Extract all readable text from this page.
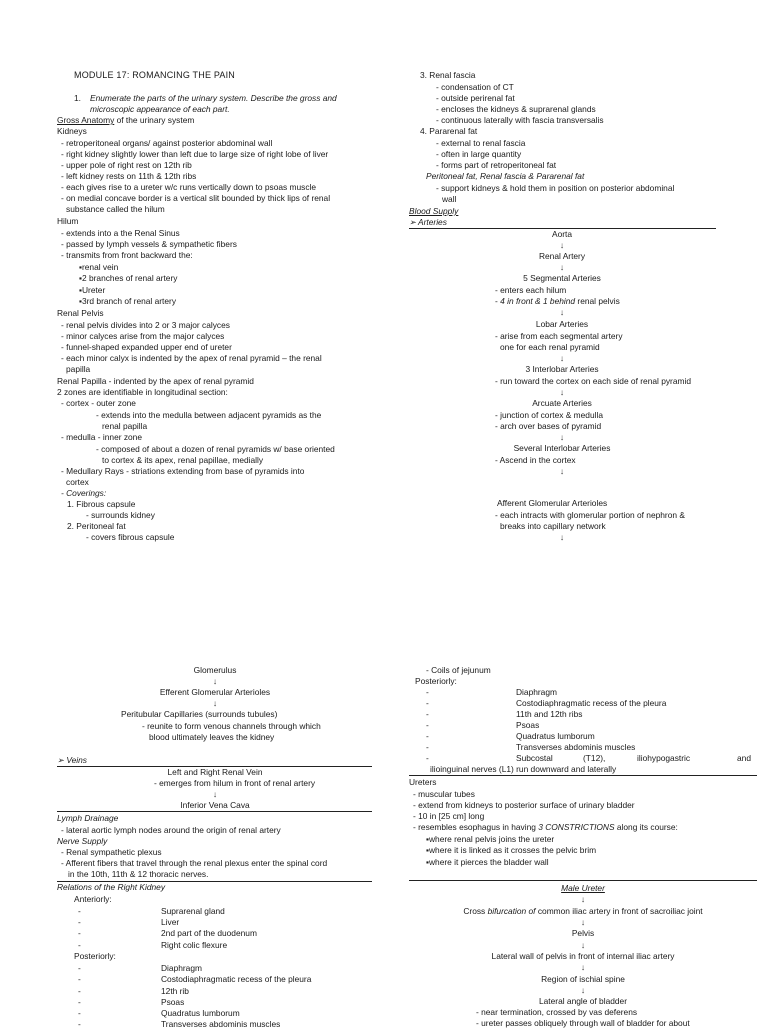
MODULE 17: ROMANCING THE PAIN
1. Enumerate the parts of the urinary system. Describe the gross and microscopic appearance of each part.
Gross Anatomy of the urinary system
Kidneys
- retroperitoneal organs/ against posterior abdominal wall
- right kidney slightly lower than left due to large size of right lobe of liver
- upper pole of right rest on 12th rib
- left kidney rests on 11th & 12th ribs
- each gives rise to a ureter w/c runs vertically down to psoas muscle
- on medial concave border is a vertical slit bounded by thick lips of renal
substance called the hilum
Hilum
- extends into a the Renal Sinus
- passed by lymph vessels & sympathetic fibers
- transmits from front backward the:
▪renal vein
▪2 branches of renal artery
▪Ureter
▪3rd branch of renal artery
Renal Pelvis
- renal pelvis divides into 2 or 3 major calyces
- minor calyces arise from the major calyces
- funnel-shaped expanded upper end of ureter
- each minor calyx is indented by the apex of renal pyramid – the renal
papilla
Renal Papilla - indented by the apex of renal pyramid
2 zones are identifiable in longitudinal section:
- cortex - outer zone
- extends into the medulla between adjacent pyramids as the
renal papilla
- medulla - inner zone
- composed of about a dozen of renal pyramids w/ base oriented
to cortex & its apex, renal papillae, medially
- Medullary Rays - striations extending from base of pyramids into
cortex
- Coverings:
1. Fibrous capsule
- surrounds kidney
2. Peritoneal fat
- covers fibrous capsule
3. Renal fascia
- condensation of CT
- outside perirenal fat
- encloses the kidneys & suprarenal glands
- continuous laterally with fascia transversalis
4. Pararenal fat
- external to renal fascia
- often in large quantity
- forms part of retroperitoneal fat
Peritoneal fat, Renal fascia & Pararenal fat
- support kidneys & hold them in position on posterior abdominal
wall
Blood Supply
➢ Arteries
Aorta
↓
Renal Artery
↓
5 Segmental Arteries
- enters each hilum
- 4 in front & 1 behind renal pelvis
↓
Lobar Arteries
- arise from each segmental artery
one for each renal pyramid
↓
3 Interlobar Arteries
- run toward the cortex on each side of renal pyramid
↓
Arcuate Arteries
- junction of cortex & medulla
- arch over bases of pyramid
↓
Several Interlobar Arteries
- Ascend in the cortex
↓
Afferent Glomerular Arterioles
- each intracts with glomerular portion of nephron &
breaks into capillary network
↓
Glomerulus
↓
Efferent Glomerular Arterioles
↓
Peritubular Capillaries (surrounds tubules)
- reunite to form venous channels through which
blood ultimately leaves the kidney
➢ Veins
Left and Right Renal Vein
- emerges from hilum in front of renal artery
↓
Inferior Vena Cava
Lymph Drainage
- lateral aortic lymph nodes around the origin of renal artery
Nerve Supply
- Renal sympathetic plexus
- Afferent fibers that travel through the renal plexus enter the spinal cord
in the 10th, 11th & 12 thoracic nerves.
Relations of the Right Kidney
Anteriorly:
-	Suprarenal gland
-	Liver
-	2nd part of the duodenum
-	Right colic flexure
Posteriorly:
-	Diaphragm
-	Costodiaphragmatic recess of the pleura
-	12th rib
-	Psoas
-	Quadratus lumborum
-	Transverses abdominis muscles
- Coils of jejunum
Posteriorly:
-	Diaphragm
-	Costodiaphragmatic recess of the pleura
-	11th and 12th ribs
-	Psoas
-	Quadratus lumborum
-	Transverses abdominis muscles
-	Subcostal	(T12),	iliohypogastric	and
ilioinguinal nerves (L1) run downward and laterally
Ureters
- muscular tubes
- extend from kidneys to posterior surface of urinary bladder
- 10 in [25 cm] long
- resembles esophagus in having 3 CONSTRICTIONS along its course:
▪where renal pelvis joins the ureter
▪where it is linked as it crosses the pelvic brim
▪where it pierces the bladder wall
Male Ureter
↓
Cross bifurcation of common iliac artery in front of sacroiliac joint
↓
Pelvis
↓
Lateral wall of pelvis in front of internal iliac artery
↓
Region of ischial spine
↓
Lateral angle of bladder
- near termination, crossed by vas deferens
- ureter passes obliquely through wall of bladder for about
